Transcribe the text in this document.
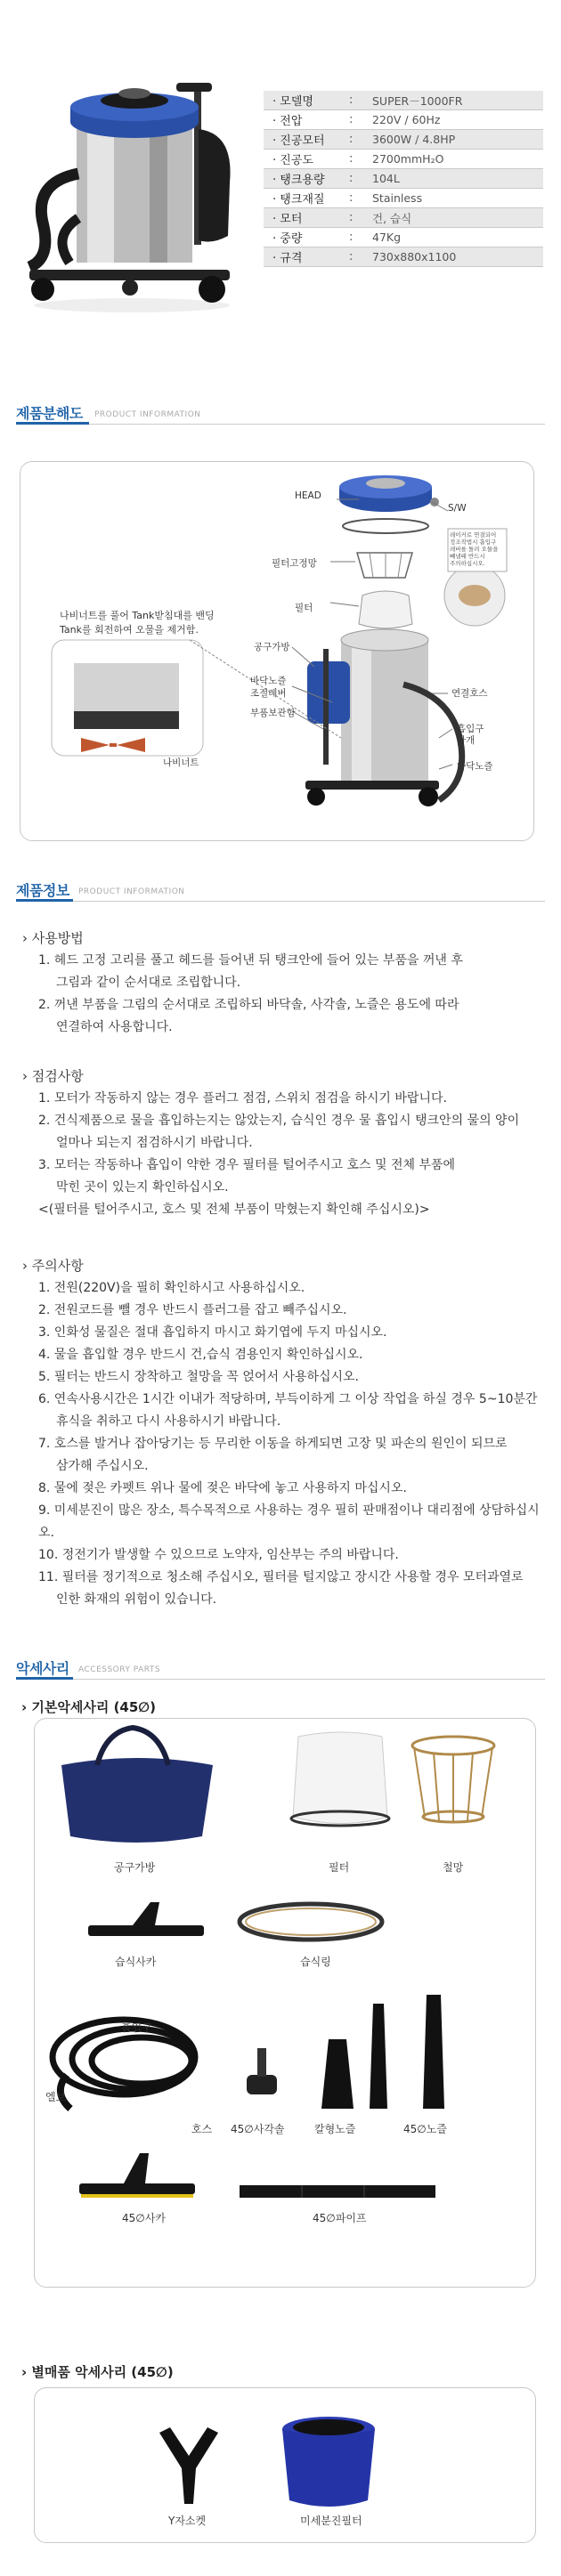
· 모델명	:	SUPER－1000FR
· 전압	:	220V / 60Hz
· 진공모터	:	3600W / 4.8HP
· 진공도	:	2700mmH₂O
· 탱크용량	:	104L
· 탱크재질	:	Stainless
· 모터	:	건, 습식
· 중량	:	47Kg
· 규격	:	730x880x1100
제품분해도 PRODUCT INFORMATION
HEAD
S/W
필터고정망
레이커로 연결되어
정조작법시 흡입구
레버를 돌려 오물을
빼낼때 반드시
주의하십시오.
필터
나비너트를 풀어 Tank받침대를 밴딩
Tank를 회전하여 오물을 제거함.
공구가방
연결호스
바닥노즐
조절레버
부품보관함
흡입구
마개
나비너트	바닥노즐
제품정보 PRODUCT INFORMATION
› 사용방법
1. 헤드 고정 고리를 풀고 헤드를 들어낸 뒤 탱크안에 들어 있는 부품을 꺼낸 후
그림과 같이 순서대로 조립합니다.
2. 꺼낸 부품을 그림의 순서대로 조립하되 바닥솔, 사각솔, 노즐은 용도에 따라
연결하여 사용합니다.
› 점검사항
1. 모터가 작동하지 않는 경우 플러그 점검, 스위치 점검을 하시기 바랍니다.
2. 건식제품으로 물을 흡입하는지는 않았는지, 습식인 경우 물 흡입시 탱크안의 물의 양이
얼마나 되는지 점검하시기 바랍니다.
3. 모터는 작동하나 흡입이 약한 경우 필터를 털어주시고 호스 및 전체 부품에
막힌 곳이 있는지 확인하십시오.
<(필터를 털어주시고, 호스 및 전체 부품이 막혔는지 확인해 주십시오)>
› 주의사항
1. 전원(220V)을 필히 확인하시고 사용하십시오.
2. 전원코드를 뺄 경우 반드시 플러그를 잡고 빼주십시오.
3. 인화성 물질은 절대 흡입하지 마시고 화기엽에 두지 마십시오.
4. 물을 흡입할 경우 반드시 건,습식 겸용인지 확인하십시오.
5. 필터는 반드시 장착하고 철망을 꼭 얹어서 사용하십시오.
6. 연속사용시간은 1시간 이내가 적당하며, 부득이하게 그 이상 작업을 하실 경우 5~10분간
휴식을 취하고 다시 사용하시기 바랍니다.
7. 호스를 발거나 잡아당기는 등 무리한 이동을 하게되면 고장 및 파손의 원인이 되므로
삼가해 주십시오.
8. 물에 젖은 카펫트 위나 물에 젖은 바닥에 놓고 사용하지 마십시오.
9. 미세분진이 많은 장소, 특수목적으로 사용하는 경우 필히 판매점이나 대리점에 상담하십시오.
10. 정전기가 발생할 수 있으므로 노약자, 임산부는 주의 바랍니다.
11. 필터를 정기적으로 청소해 주십시오, 필터를 털지않고 장시간 사용할 경우 모터과열로
인한 화재의 위험이 있습니다.
악세사리 ACCESSORY PARTS
› 기본악세사리 (45∅)
공구가방	필터	철망
습식사카	습식링
흡입구
엘보
호스 45∅사각솔	칼형노즐	45∅노즐
45∅사카	45∅파이프
› 별매품 악세사리 (45∅)
Y자소켓	미세분진필터
